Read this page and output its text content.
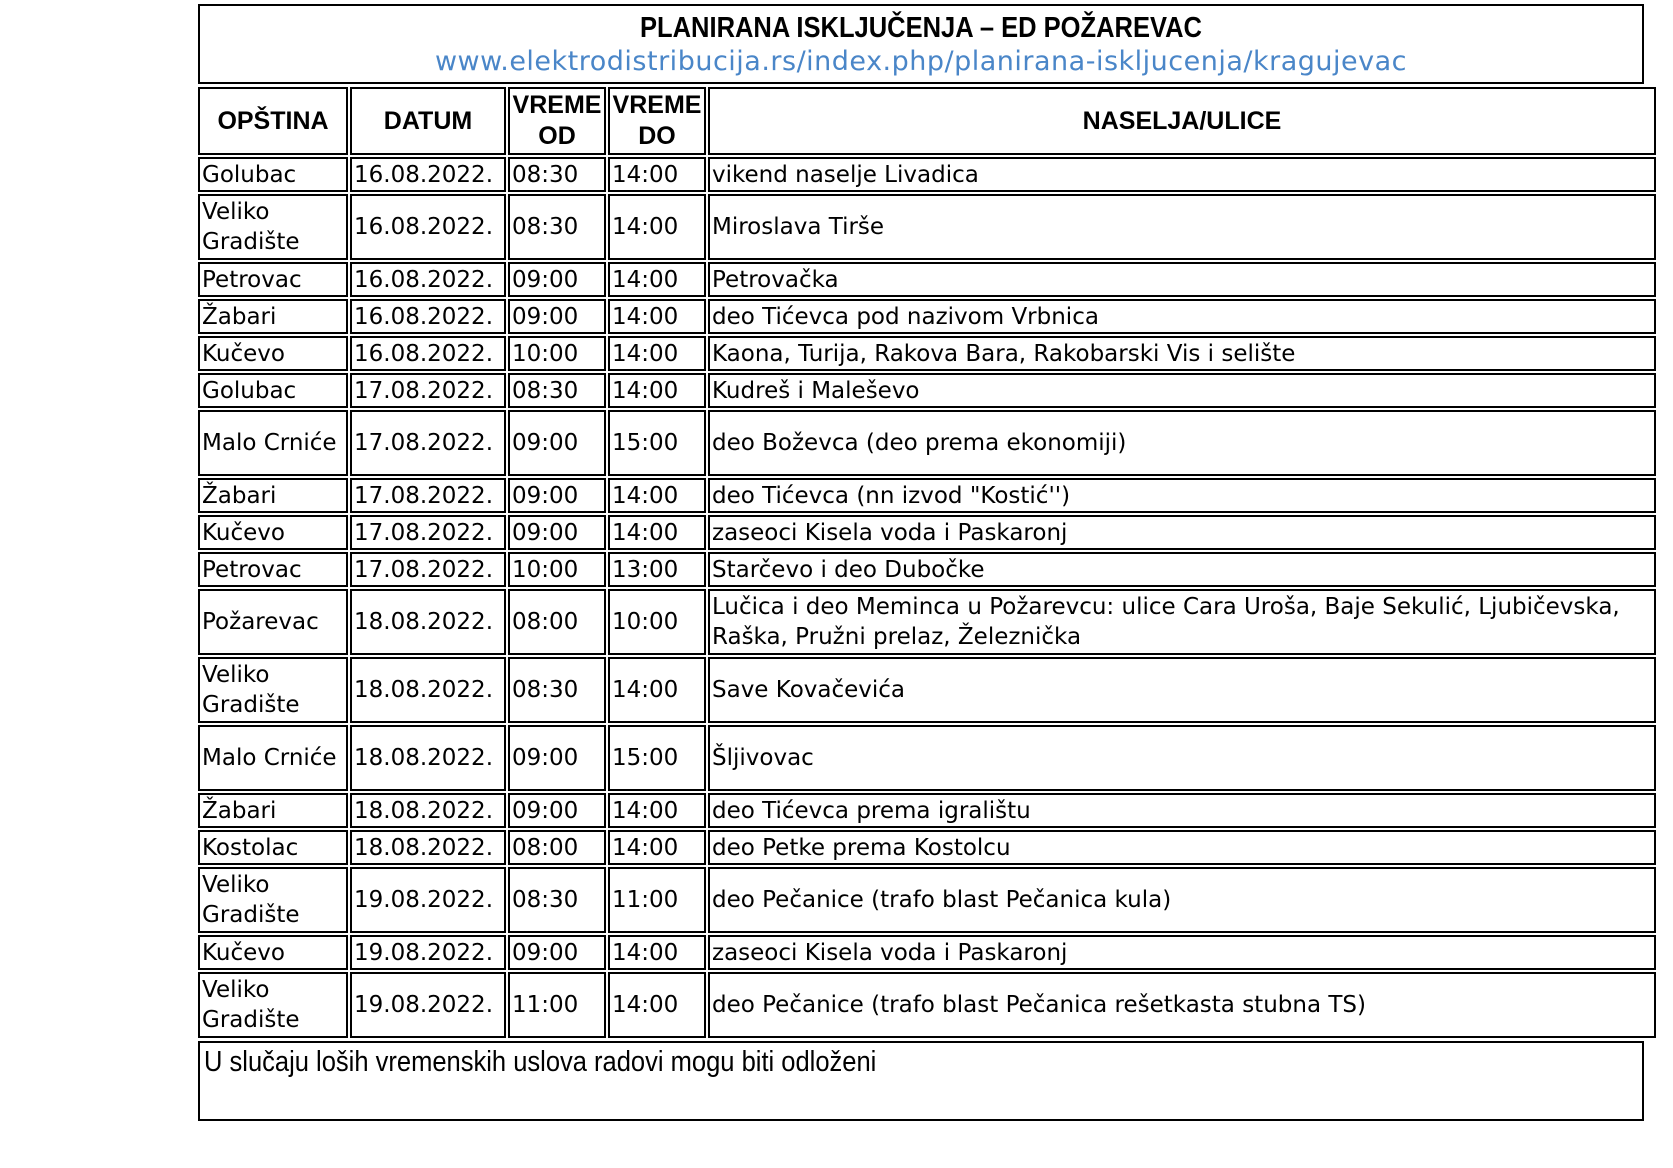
PLANIRANA ISKLJUČENJA – ED POŽAREVAC
www.elektrodistribucija.rs/index.php/planirana-iskljucenja/kragujevac
OPŠTINA	DATUM	VREME OD	VREME DO	NASELJA/ULICE
Golubac	16.08.2022.	08:30	14:00	vikend naselje Livadica
Veliko Gradište	16.08.2022.	08:30	14:00	Miroslava Tirše
Petrovac	16.08.2022.	09:00	14:00	Petrovačka
Žabari	16.08.2022.	09:00	14:00	deo Tićevca pod nazivom Vrbnica
Kučevo	16.08.2022.	10:00	14:00	Kaona, Turija, Rakova Bara, Rakobarski Vis i selište
Golubac	17.08.2022.	08:30	14:00	Kudreš i Maleševo
Malo Crniće	17.08.2022.	09:00	15:00	deo Boževca (deo prema ekonomiji)
Žabari	17.08.2022.	09:00	14:00	deo Tićevca (nn izvod "Kostić'')
Kučevo	17.08.2022.	09:00	14:00	zaseoci Kisela voda i Paskaronj
Petrovac	17.08.2022.	10:00	13:00	Starčevo i deo Dubočke
Požarevac	18.08.2022.	08:00	10:00	Lučica i deo Meminca u Požarevcu: ulice Cara Uroša, Baje Sekulić, Ljubičevska, Raška, Pružni prelaz, Železnička
Veliko Gradište	18.08.2022.	08:30	14:00	Save Kovačevića
Malo Crniće	18.08.2022.	09:00	15:00	Šljivovac
Žabari	18.08.2022.	09:00	14:00	deo Tićevca prema igralištu
Kostolac	18.08.2022.	08:00	14:00	deo Petke prema Kostolcu
Veliko Gradište	19.08.2022.	08:30	11:00	deo Pečanice (trafo blast Pečanica kula)
Kučevo	19.08.2022.	09:00	14:00	zaseoci Kisela voda i Paskaronj
Veliko Gradište	19.08.2022.	11:00	14:00	deo Pečanice (trafo blast Pečanica rešetkasta stubna TS)
U slučaju loših vremenskih uslova radovi mogu biti odloženi
